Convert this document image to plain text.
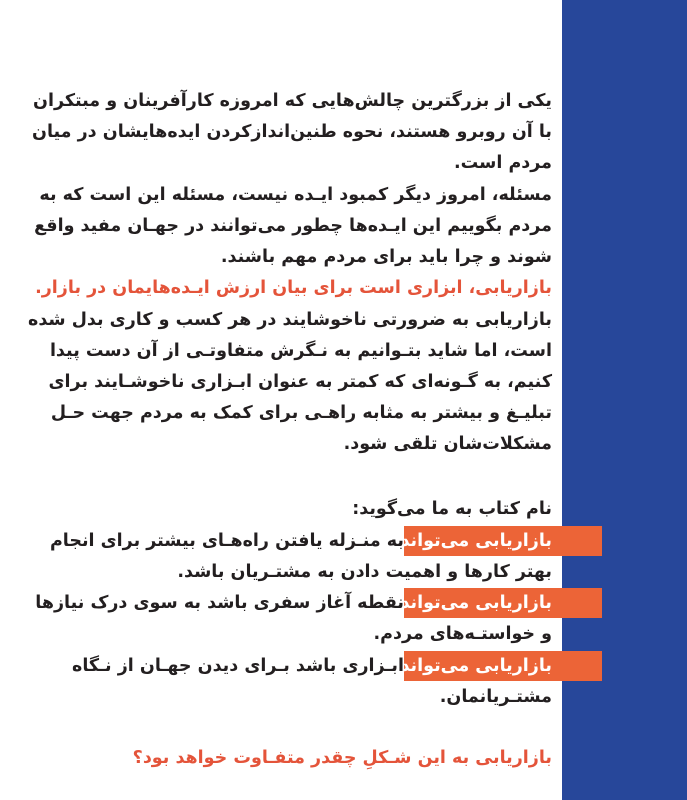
یکی از بزرگترین چالش‌هایی که امروزه کارآفرینان و مبتکران
با آن روبرو هستند، نحوه طنین‌اندازکردن ایده‌هایشان در میان
مردم است.
مسئله، امروز دیگر کمبود ایـده نیست، مسئله این است که به
مردم بگوییم این ایـده‌ها چطور می‌توانند در جهـان مفید واقع
شوند و چرا باید برای مردم مهم باشند.
بازاریابی، ابزاری است برای بیان ارزش ایـده‌هایمان در بازار.
بازاریابی به ضرورتی ناخوشایند در هر کسب و کاری بدل شده
است، اما شاید بتـوانیم به نـگرش متفاوتـی از آن دست پیدا
کنیم، به گـونه‌ای که کمتر به عنوان ابـزاری ناخوشـایند برای
تبلیـغ و بیشتر به مثابه راهـی برای کمک به مردم جهت حـل
مشکلات‌شان تلقی شود.
نام کتاب به ما می‌گوید:
بازاریابی می‌تواند
به منـزله یافتن راه‌هـای بیشتر برای انجام
بهتر کارها و اهمیت دادن به مشتـریان باشد.
بازاریابی می‌تواند
نقطه آغاز سفری باشد به سوی درک نیازها
و خواستـه‌های مردم.
بازاریابی می‌تواند
ابـزاری باشد بـرای دیدن جهـان از نـگاه
مشتـریانمان.
بازاریابی به این شـکلِ چقدر متفـاوت خواهد بود؟
